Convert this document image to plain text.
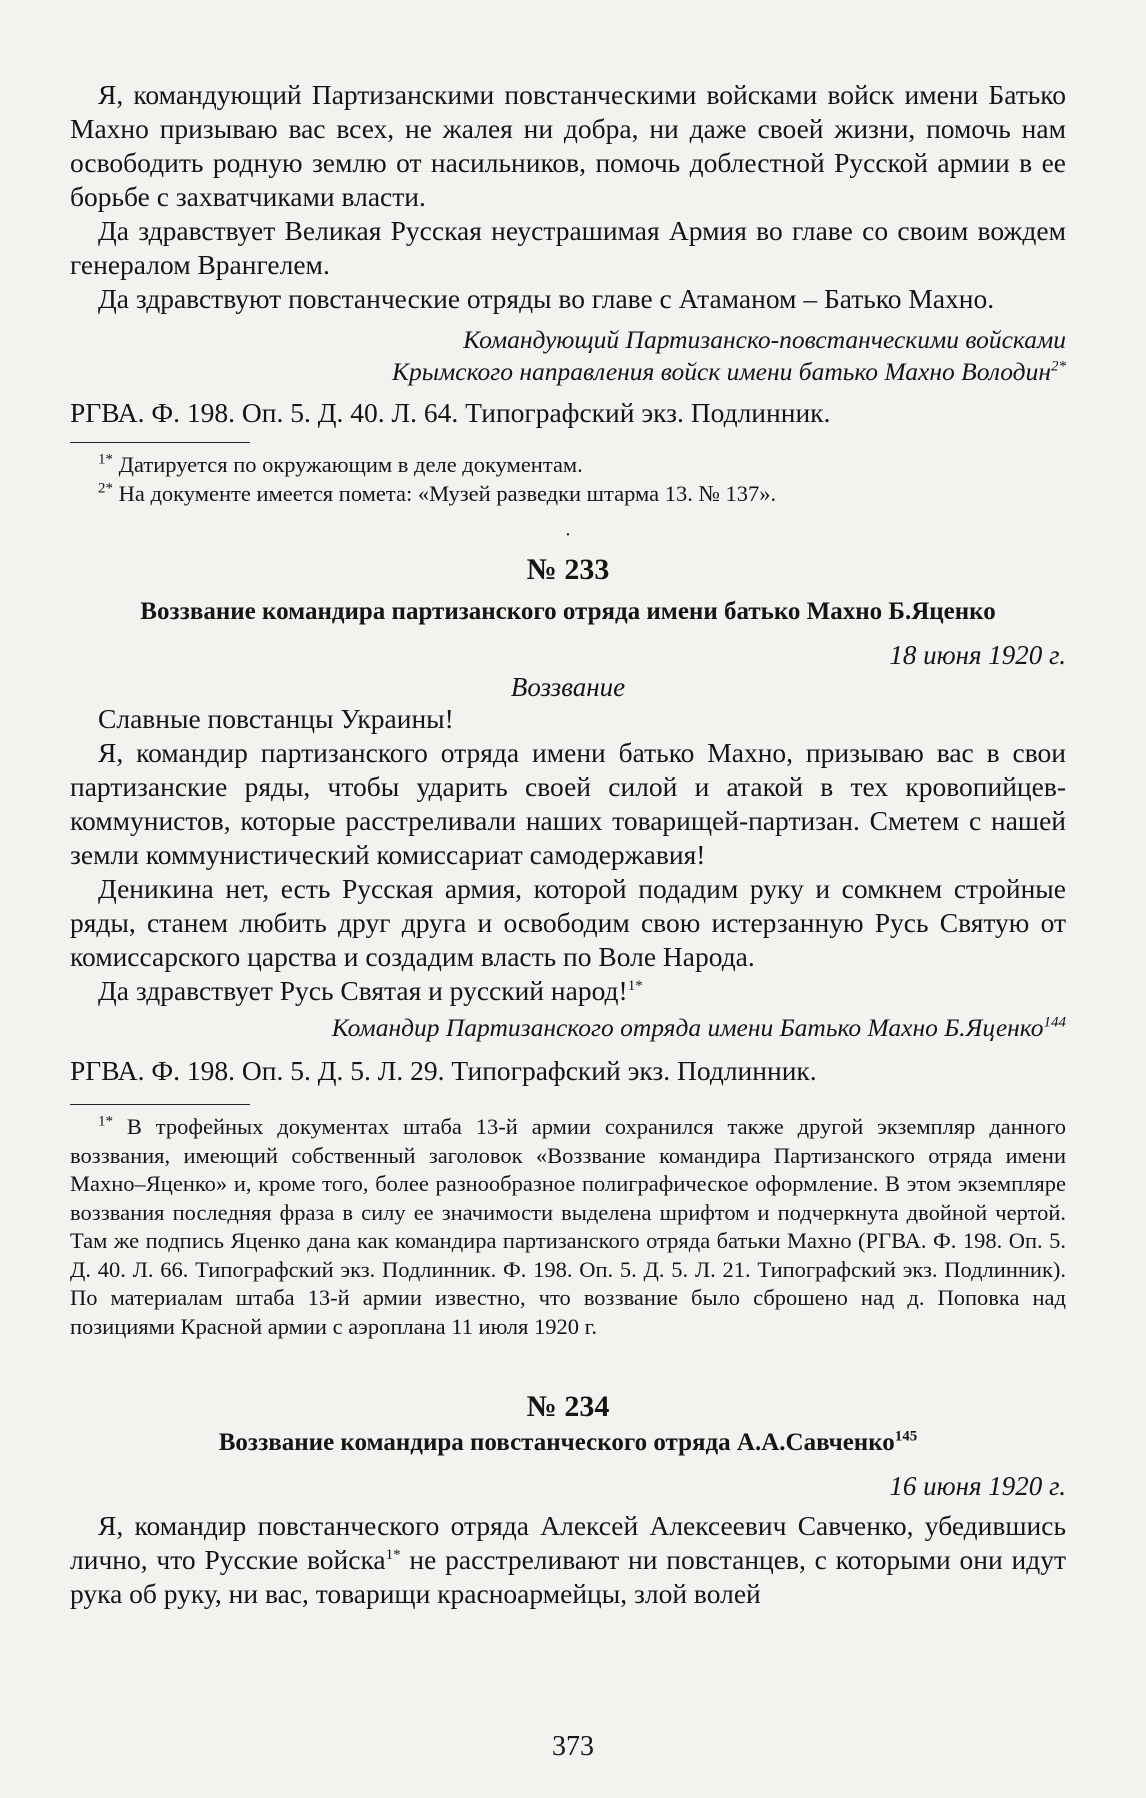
Я, командующий Партизанскими повстанческими войсками войск имени Батько Махно призываю вас всех, не жалея ни добра, ни даже своей жизни, помочь нам освободить родную землю от насильников, помочь доблестной Русской армии в ее борьбе с захватчиками власти.

Да здравствует Великая Русская неустрашимая Армия во главе со своим вождем генералом Врангелем.

Да здравствуют повстанческие отряды во главе с Атаманом – Батько Махно.

Командующий Партизанско-повстанческими войсками

Крымского направления войск имени батько Махно Володин$^{2*}$

РГВА. Ф. 198. Оп. 5. Д. 40. Л. 64. Типографский экз. Подлинник.

$^{1*}$ Датируется по окружающим в деле документам.

$^{2*}$ На документе имеется помета: «Музей разведки штарма 13. № 137».

·

№ 233

Воззвание командира партизанского отряда имени батько Махно Б.Яценко

18 июня 1920 г.

Воззвание

Славные повстанцы Украины!

Я, командир партизанского отряда имени батько Махно, призываю вас в свои партизанские ряды, чтобы ударить своей силой и атакой в тех кровопийцев-коммунистов, которые расстреливали наших товарищей-партизан. Сметем с нашей земли коммунистический комиссариат самодержавия!

Деникина нет, есть Русская армия, которой подадим руку и сомкнем стройные ряды, станем любить друг друга и освободим свою истерзанную Русь Святую от комиссарского царства и создадим власть по Воле Народа.

Да здравствует Русь Святая и русский народ!$^{1*}$

Командир Партизанского отряда имени Батько Махно Б.Яценко$^{144}$

РГВА. Ф. 198. Оп. 5. Д. 5. Л. 29. Типографский экз. Подлинник.

$^{1*}$ В трофейных документах штаба 13-й армии сохранился также другой экземпляр данного воззвания, имеющий собственный заголовок «Воззвание командира Партизанского отряда имени Махно–Яценко» и, кроме того, более разнообразное полиграфическое оформление. В этом экземпляре воззвания последняя фраза в силу ее значимости выделена шрифтом и подчеркнута двойной чертой. Там же подпись Яценко дана как командира партизанского отряда батьки Махно (РГВА. Ф. 198. Оп. 5. Д. 40. Л. 66. Типографский экз. Подлинник. Ф. 198. Оп. 5. Д. 5. Л. 21. Типографский экз. Подлинник). По материалам штаба 13-й армии известно, что воззвание было сброшено над д. Поповка над позициями Красной армии с аэроплана 11 июля 1920 г.

№ 234

Воззвание командира повстанческого отряда А.А.Савченко$^{145}$

16 июня 1920 г.

Я, командир повстанческого отряда Алексей Алексеевич Савченко, убедившись лично, что Русские войска$^{1*}$ не расстреливают ни повстанцев, с которыми они идут рука об руку, ни вас, товарищи красноармейцы, злой волей

373
